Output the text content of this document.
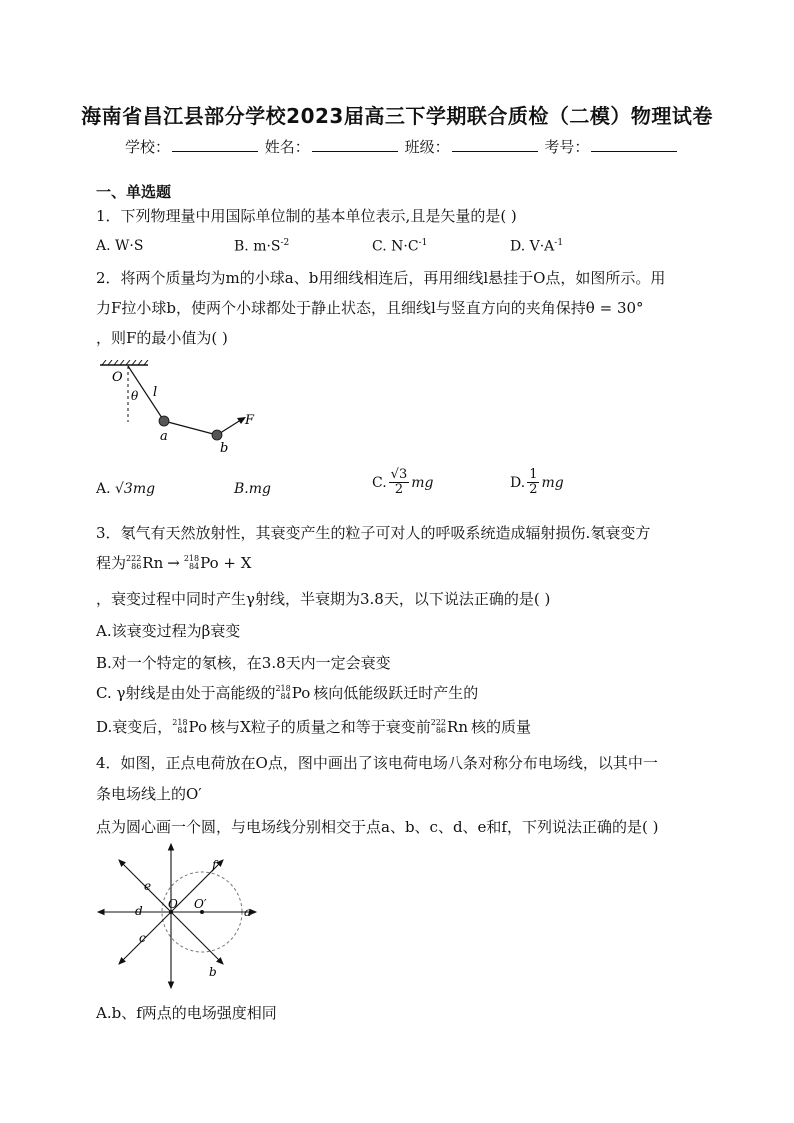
海南省昌江县部分学校2023届高三下学期联合质检（二模）物理试卷
学校：	姓名：	班级：	考号：
一、单选题
1．下列物理量中用国际单位制的基本单位表示,且是矢量的是( )
A. W·S	B. $m\cdot S^{-2}$	C. $N\cdot C^{-1}$	D. $V\cdot A^{-1}$
2．将两个质量均为m的小球a、b用细线相连后，再用细线l悬挂于O点，如图所示。用
力F拉小球b，使两个小球都处于静止状态，且细线l与竖直方向的夹角保持θ = 30°
，则F的最小值为( )
O
θ l
a
b
F
A. √3mg	B.mg	C. $\frac{√3}{2}$ mg	D. $\frac{1}{2}$ mg
3．氡气有天然放射性，其衰变产生的粒子可对人的呼吸系统造成辐射损伤.氡衰变方
程为 222
86 Rn → 218
84 Po + X
，衰变过程中同时产生γ射线，半衰期为3.8天，以下说法正确的是( )
A.该衰变过程为β衰变
B.对一个特定的氡核，在3.8天内一定会衰变
C. γ射线是由处于高能级的 218
84 Po 核向低能级跃迁时产生的
D.衰变后， 218
84 Po 核与X粒子的质量之和等于衰变前 222
86 Rn 核的质量
4．如图，正点电荷放在O点，图中画出了该电荷电场八条对称分布电场线，以其中一
条电场线上的O′
点为圆心画一个圆，与电场线分别相交于点a、b、c、d、e和f，下列说法正确的是( )
O O′
a
b
c
d
e
f
A.b、f两点的电场强度相同
